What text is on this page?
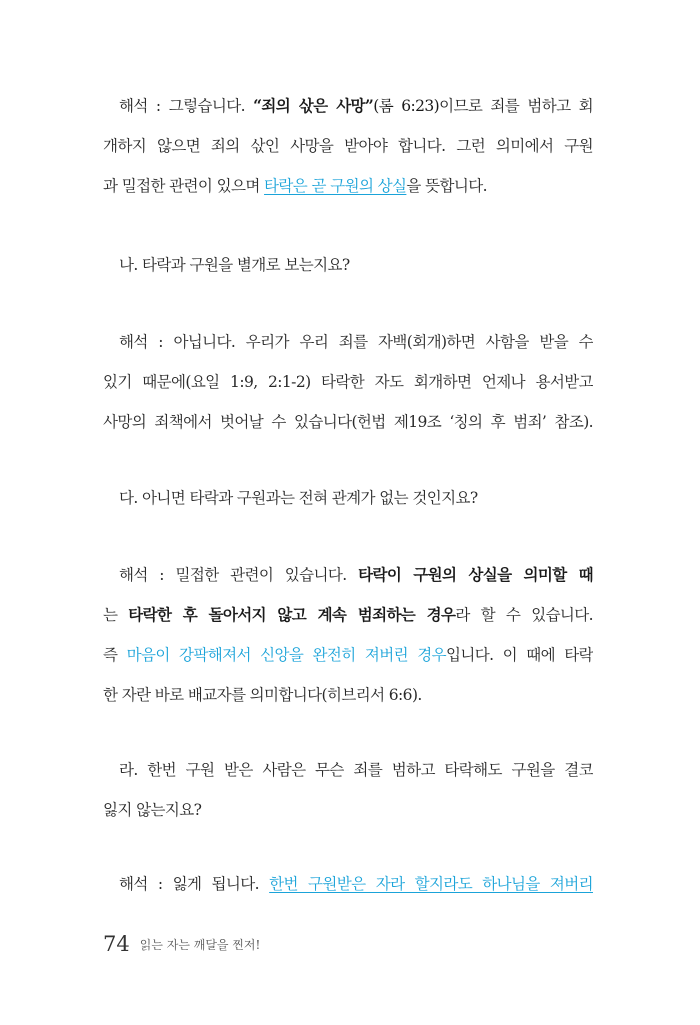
해석 : 그렇습니다. “죄의 삯은 사망”(롬 6:23)이므로 죄를 범하고 회
개하지 않으면 죄의 삯인 사망을 받아야 합니다. 그런 의미에서 구원
과 밀접한 관련이 있으며 타락은 곧 구원의 상실을 뜻합니다.
나. 타락과 구원을 별개로 보는지요?
해석 : 아닙니다. 우리가 우리 죄를 자백(회개)하면 사함을 받을 수
있기 때문에(요일 1:9, 2:1-2) 타락한 자도 회개하면 언제나 용서받고
사망의 죄책에서 벗어날 수 있습니다(헌법 제19조 ‘칭의 후 범죄’ 참조).
다. 아니면 타락과 구원과는 전혀 관계가 없는 것인지요?
해석 : 밀접한 관련이 있습니다. 타락이 구원의 상실을 의미할 때
는 타락한 후 돌아서지 않고 계속 범죄하는 경우라 할 수 있습니다.
즉 마음이 강팍해져서 신앙을 완전히 져버린 경우입니다. 이 때에 타락
한 자란 바로 배교자를 의미합니다(히브리서 6:6).
라. 한번 구원 받은 사람은 무슨 죄를 범하고 타락해도 구원을 결코
잃지 않는지요?
해석 : 잃게 됩니다. 한번 구원받은 자라 할지라도 하나님을 져버리
74 읽는 자는 깨달을 찐저!
